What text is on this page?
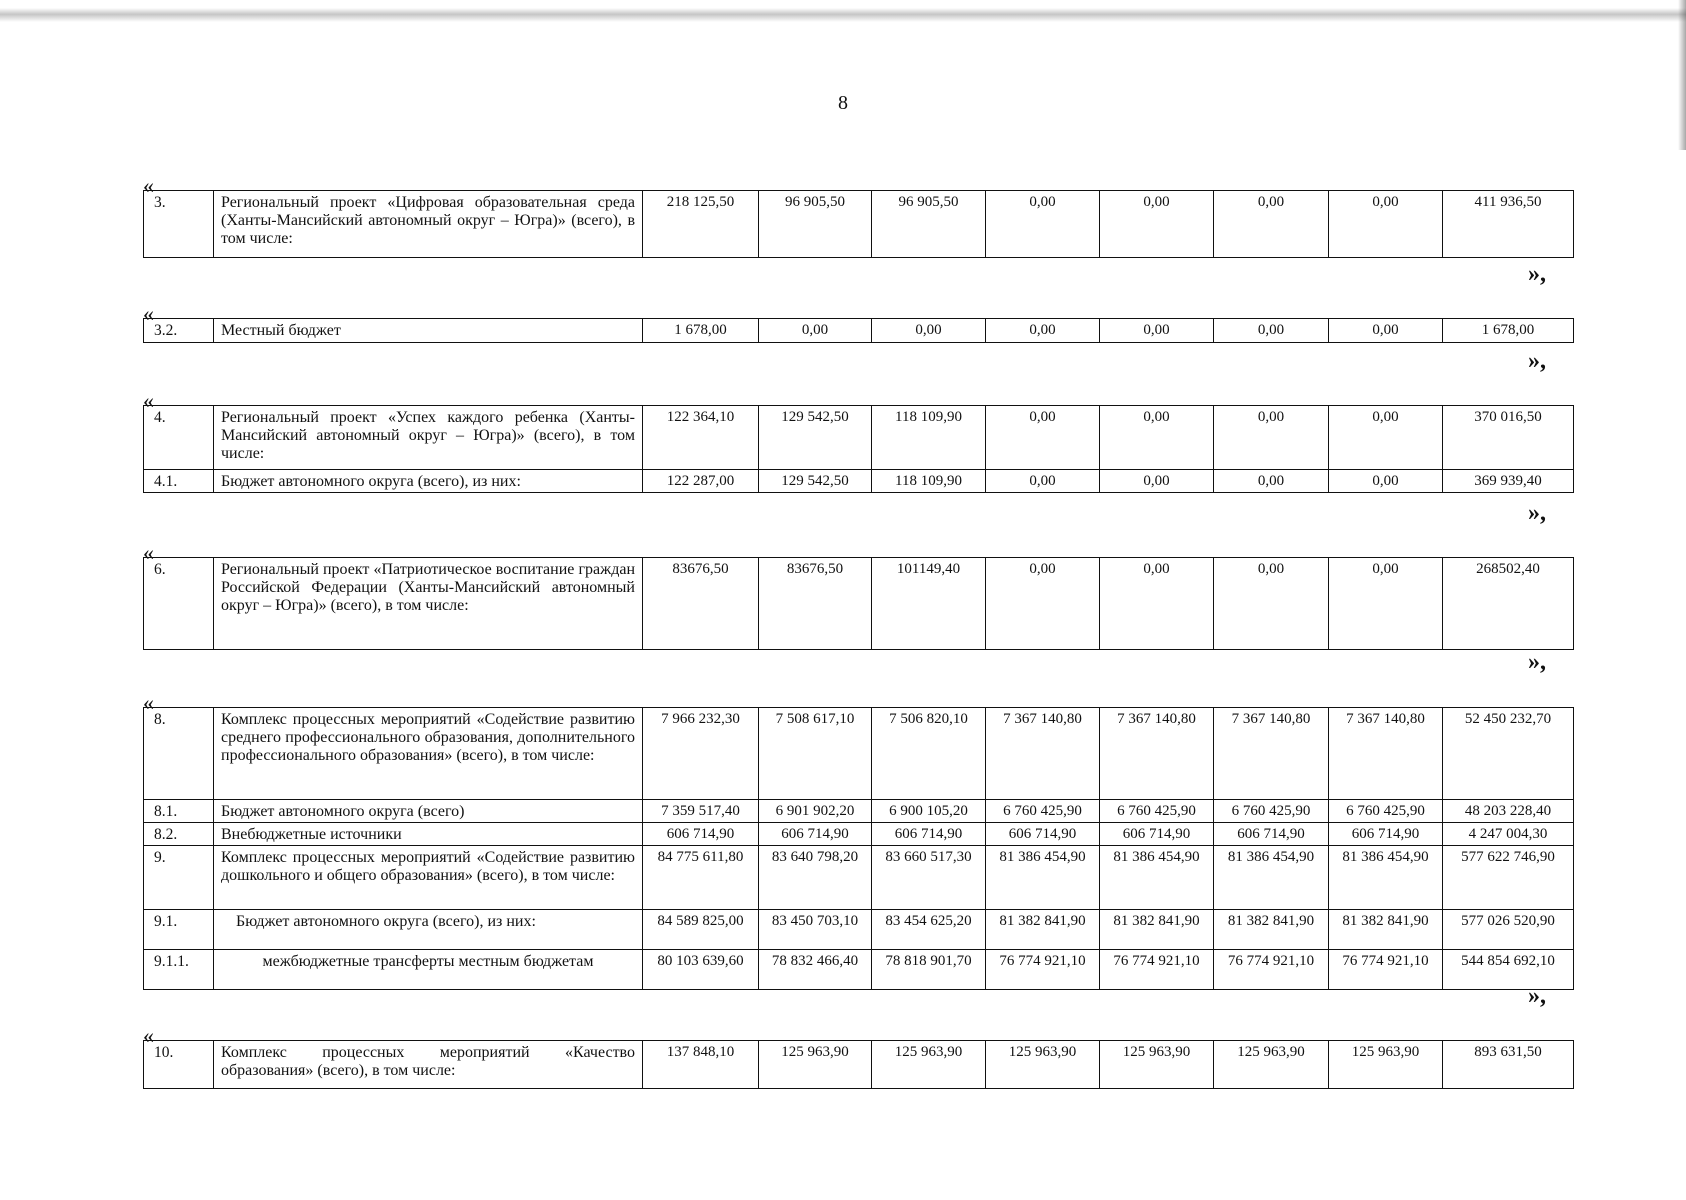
8
«
3.	Региональный проект «Цифровая образовательная среда (Ханты-Мансийский автономный округ – Югра)» (всего), в том числе:	218 125,50	96 905,50	96 905,50	0,00	0,00	0,00	0,00	411 936,50
»,
«
3.2.	Местный бюджет	1 678,00	0,00	0,00	0,00	0,00	0,00	0,00	1 678,00
»,
«
4.	Региональный проект «Успех каждого ребенка (Ханты-Мансийский автономный округ – Югра)» (всего), в том числе:	122 364,10	129 542,50	118 109,90	0,00	0,00	0,00	0,00	370 016,50
4.1.	Бюджет автономного округа (всего), из них:	122 287,00	129 542,50	118 109,90	0,00	0,00	0,00	0,00	369 939,40
»,
«
6.	Региональный проект «Патриотическое воспитание граждан Российской Федерации (Ханты-Мансийский автономный округ – Югра)» (всего), в том числе:	83676,50	83676,50	101149,40	0,00	0,00	0,00	0,00	268502,40
»,
«
8.	Комплекс процессных мероприятий «Содействие развитию среднего профессионального образования, дополнительного профессионального образования» (всего), в том числе:	7 966 232,30	7 508 617,10	7 506 820,10	7 367 140,80	7 367 140,80	7 367 140,80	7 367 140,80	52 450 232,70
8.1.	Бюджет автономного округа (всего)	7 359 517,40	6 901 902,20	6 900 105,20	6 760 425,90	6 760 425,90	6 760 425,90	6 760 425,90	48 203 228,40
8.2.	Внебюджетные источники	606 714,90	606 714,90	606 714,90	606 714,90	606 714,90	606 714,90	606 714,90	4 247 004,30
9.	Комплекс процессных мероприятий «Содействие развитию дошкольного и общего образования» (всего), в том числе:	84 775 611,80	83 640 798,20	83 660 517,30	81 386 454,90	81 386 454,90	81 386 454,90	81 386 454,90	577 622 746,90
9.1.	Бюджет автономного округа (всего), из них:	84 589 825,00	83 450 703,10	83 454 625,20	81 382 841,90	81 382 841,90	81 382 841,90	81 382 841,90	577 026 520,90
9.1.1.	межбюджетные трансферты местным бюджетам	80 103 639,60	78 832 466,40	78 818 901,70	76 774 921,10	76 774 921,10	76 774 921,10	76 774 921,10	544 854 692,10
»,
«
10.	Комплекс процессных мероприятий «Качество образования» (всего), в том числе:	137 848,10	125 963,90	125 963,90	125 963,90	125 963,90	125 963,90	125 963,90	893 631,50
